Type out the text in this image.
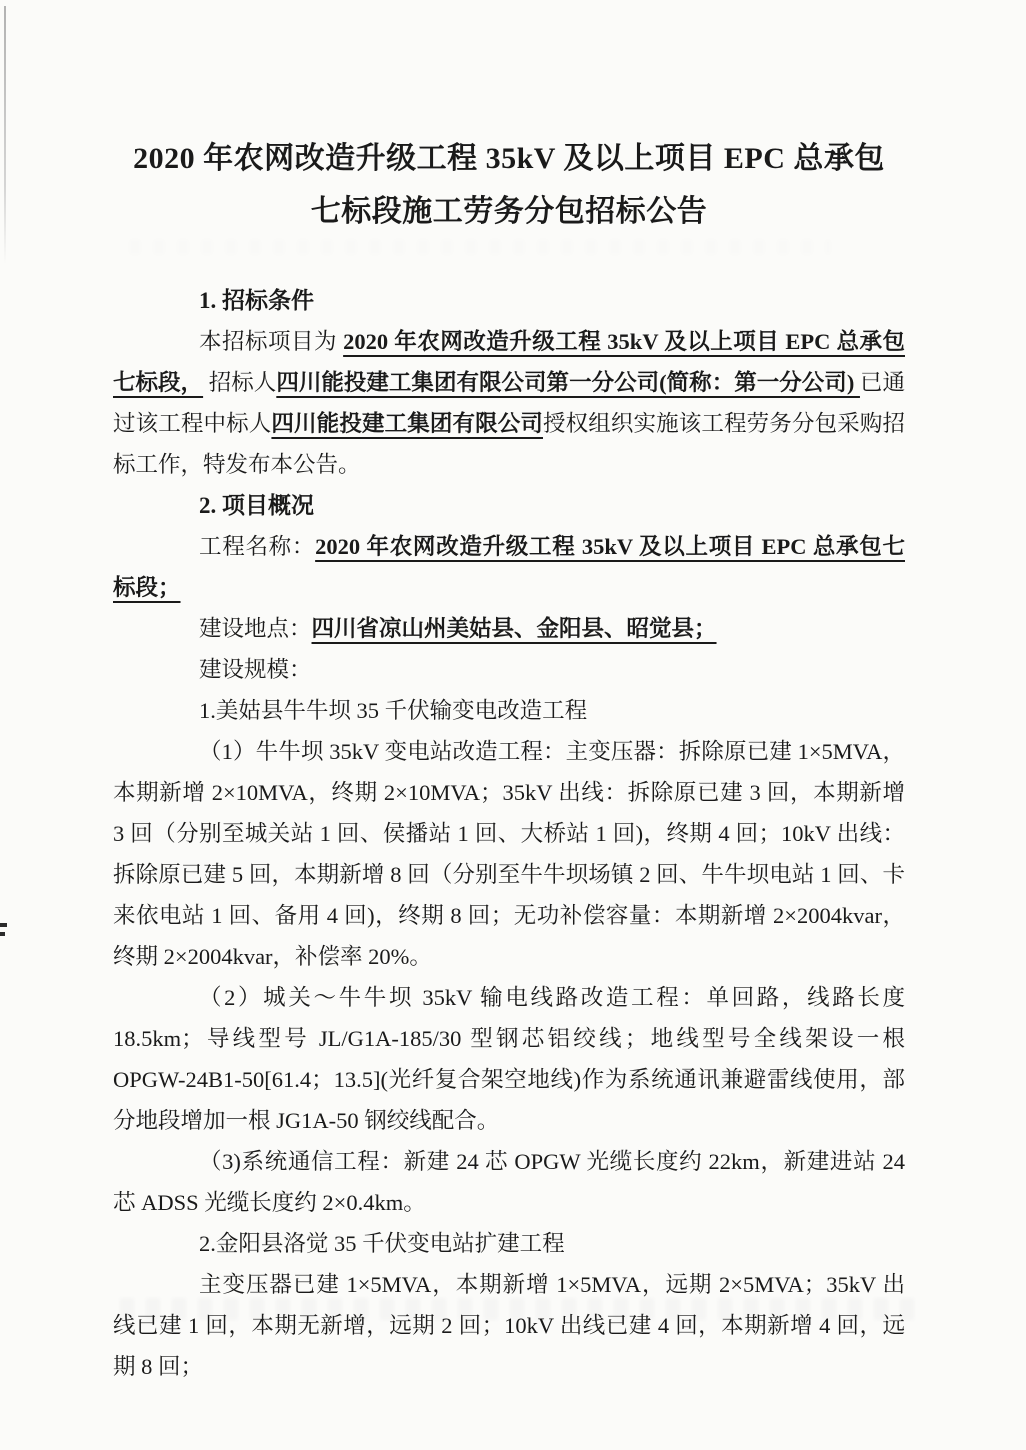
2020 年农网改造升级工程 35kV 及以上项目 EPC 总承包
七标段施工劳务分包招标公告
1. 招标条件

本招标项目为 2020 年农网改造升级工程 35kV 及以上项目 EPC 总承包七标段， 招标人四川能投建工集团有限公司第一分公司(简称：第一分公司) 已通过该工程中标人四川能投建工集团有限公司授权组织实施该工程劳务分包采购招标工作，特发布本公告。

2. 项目概况

工程名称：2020 年农网改造升级工程 35kV 及以上项目 EPC 总承包七标段；

建设地点：四川省凉山州美姑县、金阳县、昭觉县；

建设规模：

1.美姑县牛牛坝 35 千伏输变电改造工程

（1）牛牛坝 35kV 变电站改造工程：主变压器：拆除原已建 1×5MVA，本期新增 2×10MVA，终期 2×10MVA；35kV 出线：拆除原已建 3 回，本期新增 3 回（分别至城关站 1 回、侯播站 1 回、大桥站 1 回)，终期 4 回；10kV 出线：拆除原已建 5 回，本期新增 8 回（分别至牛牛坝场镇 2 回、牛牛坝电站 1 回、卡来依电站 1 回、备用 4 回)，终期 8 回；无功补偿容量：本期新增 2×2004kvar，终期 2×2004kvar，补偿率 20%。

（2）城关～牛牛坝 35kV 输电线路改造工程：单回路，线路长度 18.5km；导线型号 JL/G1A-185/30 型钢芯铝绞线；地线型号全线架设一根 OPGW-24B1-50[61.4；13.5](光纤复合架空地线)作为系统通讯兼避雷线使用，部分地段增加一根 JG1A-50 钢绞线配合。

（3)系统通信工程：新建 24 芯 OPGW 光缆长度约 22km，新建进站 24 芯 ADSS 光缆长度约 2×0.4km。

2.金阳县洛觉 35 千伏变电站扩建工程

主变压器已建 1×5MVA，本期新增 1×5MVA，远期 2×5MVA；35kV 出线已建 1 回，本期无新增，远期 2 回；10kV 出线已建 4 回，本期新增 4 回，远期 8 回；
